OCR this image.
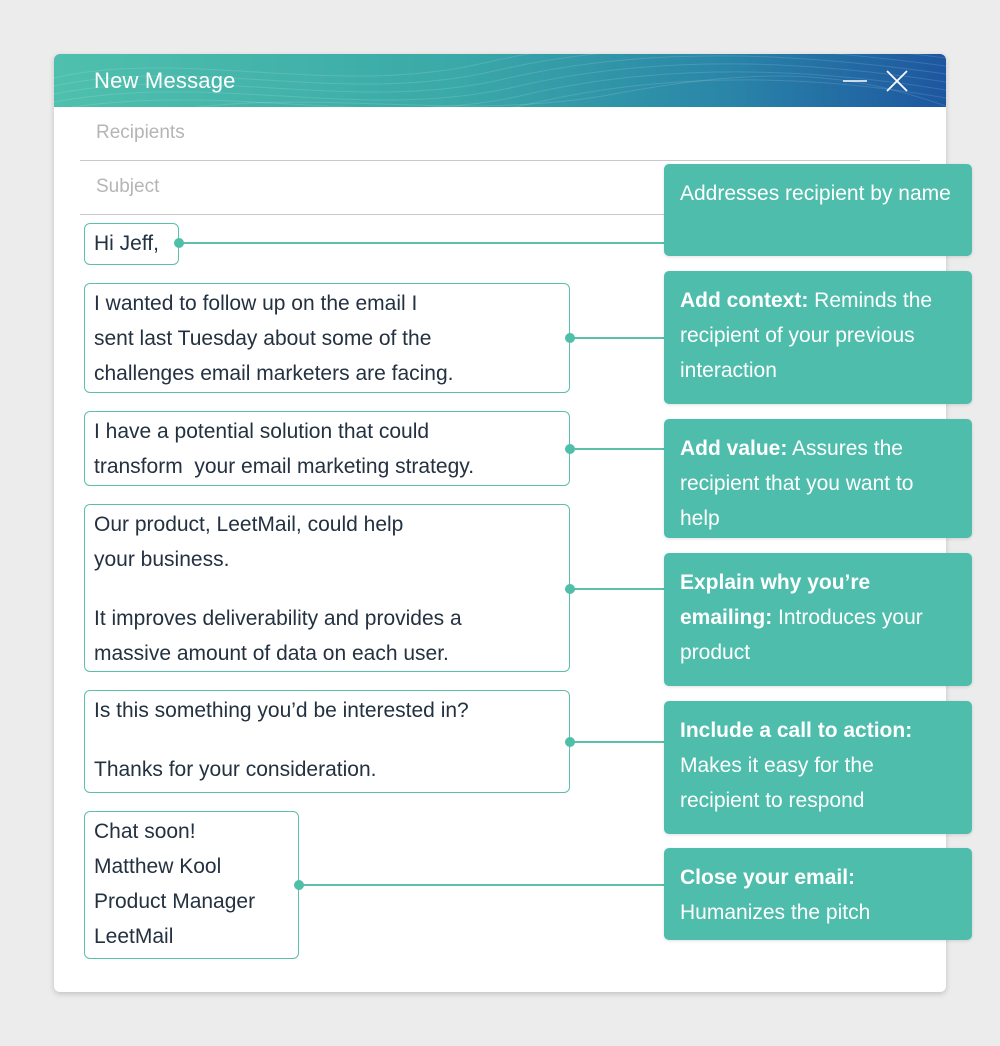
New Message
Recipients
Subject
Hi Jeff,
I wanted to follow up on the email I
sent last Tuesday about some of the
challenges email marketers are facing.
I have a potential solution that could
transform  your email marketing strategy.
Our product, LeetMail, could help
your business.
It improves deliverability and provides a
massive amount of data on each user.
Is this something you’d be interested in?
Thanks for your consideration.
Chat soon!
Matthew Kool
Product Manager
LeetMail
Addresses recipient by name
Add context: Reminds the recipient of your previous interaction
Add value: Assures the recipient that you want to help
Explain why you’re emailing: Introduces your product
Include a call to action: Makes it easy for the recipient to respond
Close your email: Humanizes the pitch
